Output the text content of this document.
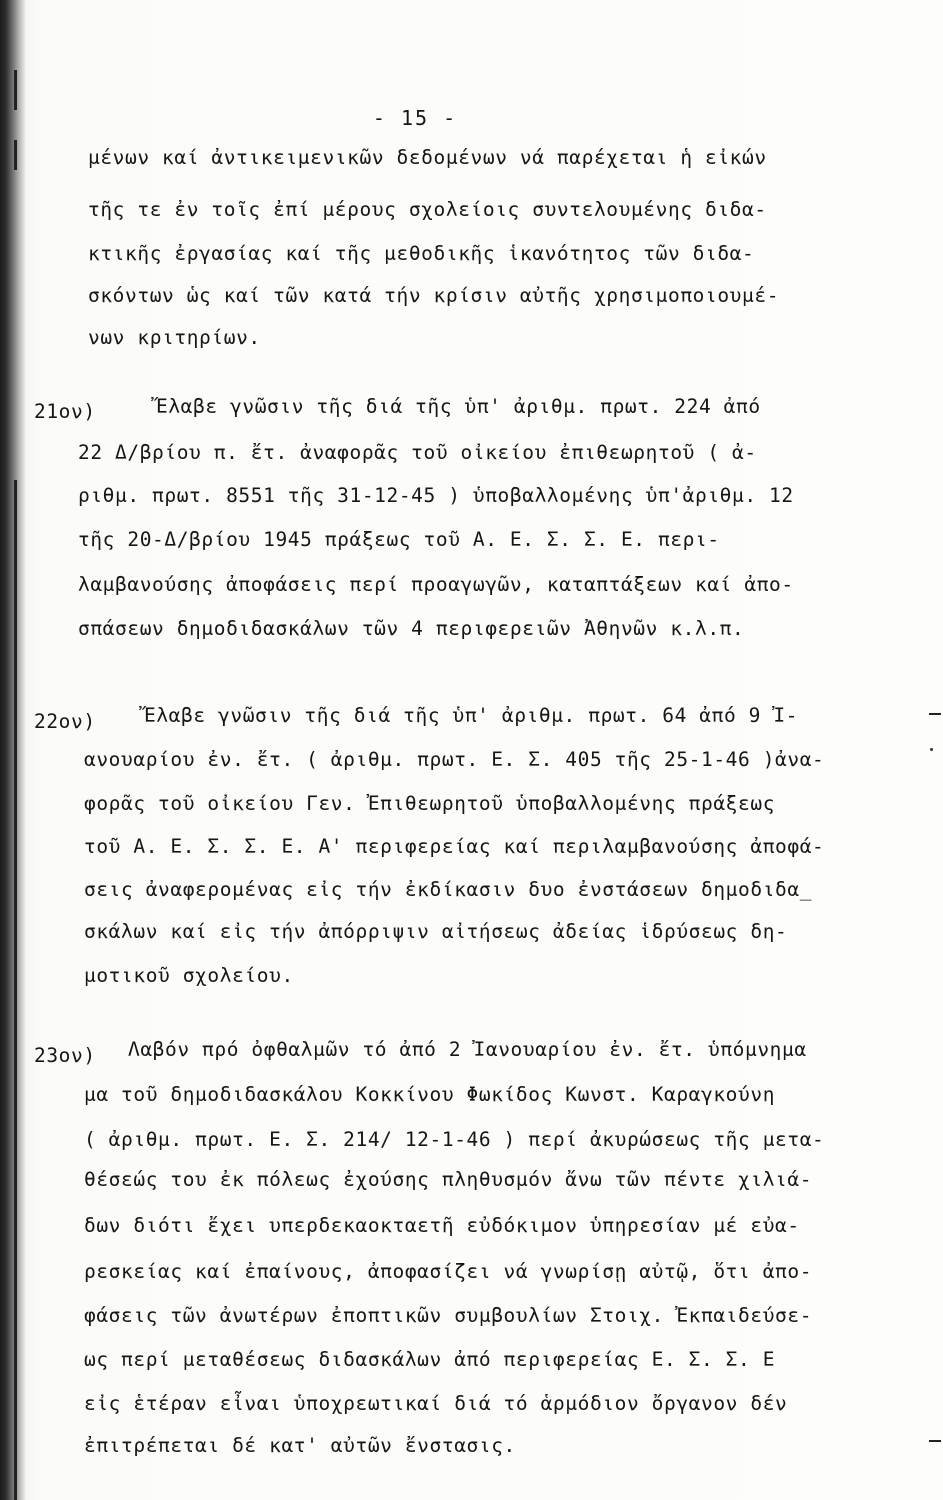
- 15 -
μένων καί ἀντικειμενικῶν δεδομένων νά παρέχεται ἡ εἰκών
τῆς τε ἐν τοῖς ἐπί μέρους σχολείοις συντελουμένης διδα-
κτικῆς ἐργασίας καί τῆς μεθοδικῆς ἱκανότητος τῶν διδα-
σκόντων ὡς καί τῶν κατά τήν κρίσιν αὐτῆς χρησιμοποιουμέ-
νων κριτηρίων.
21ον)	Ἔλαβε γνῶσιν τῆς διά τῆς ὑπ' ἀριθμ. πρωτ. 224 ἀπό
22 Δ/βρίου π. ἔτ. ἀναφορᾶς τοῦ οἰκείου ἐπιθεωρητοῦ ( ἀ-
ριθμ. πρωτ. 8551 τῆς 31-12-45 ) ὑποβαλλομένης ὑπ'ἀριθμ. 12
τῆς 20-Δ/βρίου 1945 πράξεως τοῦ Α. Ε. Σ. Σ. Ε. περι-
λαμβανούσης ἀποφάσεις περί προαγωγῶν, καταπτάξεων καί ἀπο-
σπάσεων δημοδιδασκάλων τῶν 4 περιφερειῶν Ἀθηνῶν κ.λ.π.
22ον) Ἔλαβε γνῶσιν τῆς διά τῆς ὑπ' ἀριθμ. πρωτ. 64 ἀπό 9 Ἰ-
ανουαρίου ἐν. ἔτ. ( ἀριθμ. πρωτ. Ε. Σ. 405 τῆς 25-1-46 )ἀνα-
φορᾶς τοῦ οἰκείου Γεν. Ἐπιθεωρητοῦ ὑποβαλλομένης πράξεως
τοῦ Α. Ε. Σ. Σ. Ε. Α' περιφερείας καί περιλαμβανούσης ἀποφά-
σεις ἀναφερομένας εἰς τήν ἐκδίκασιν δυο ἐνστάσεων δημοδιδα_
σκάλων καί εἰς τήν ἀπόρριψιν αἰτήσεως ἀδείας ἱδρύσεως δη-
μοτικοῦ σχολείου.
23ον) Λαβόν πρό ὀφθαλμῶν τό ἀπό 2 Ἰανουαρίου ἐν. ἔτ. ὑπόμνημα
μα τοῦ δημοδιδασκάλου Κοκκίνου Φωκίδος Κωνστ. Καραγκούνη
( ἀριθμ. πρωτ. Ε. Σ. 214/ 12-1-46 ) περί ἀκυρώσεως τῆς μετα-
θέσεώς του ἐκ πόλεως ἐχούσης πληθυσμόν ἄνω τῶν πέντε χιλιά-
δων διότι ἔχει υπερδεκαοκταετῆ εὐδόκιμον ὑπηρεσίαν μέ εὐα-
ρεσκείας καί ἐπαίνους, ἀποφασίζει νά γνωρίσῃ αὐτῷ, ὅτι ἀπο-
φάσεις τῶν ἀνωτέρων ἐποπτικῶν συμβουλίων Στοιχ. Ἐκπαιδεύσε-
ως περί μεταθέσεως διδασκάλων ἀπό περιφερείας Ε. Σ. Σ. Ε
εἰς ἑτέραν εἶναι ὑποχρεωτικαί διά τό ἁρμόδιον ὄργανον δέν
ἐπιτρέπεται δέ κατ' αὐτῶν ἔνστασις.
